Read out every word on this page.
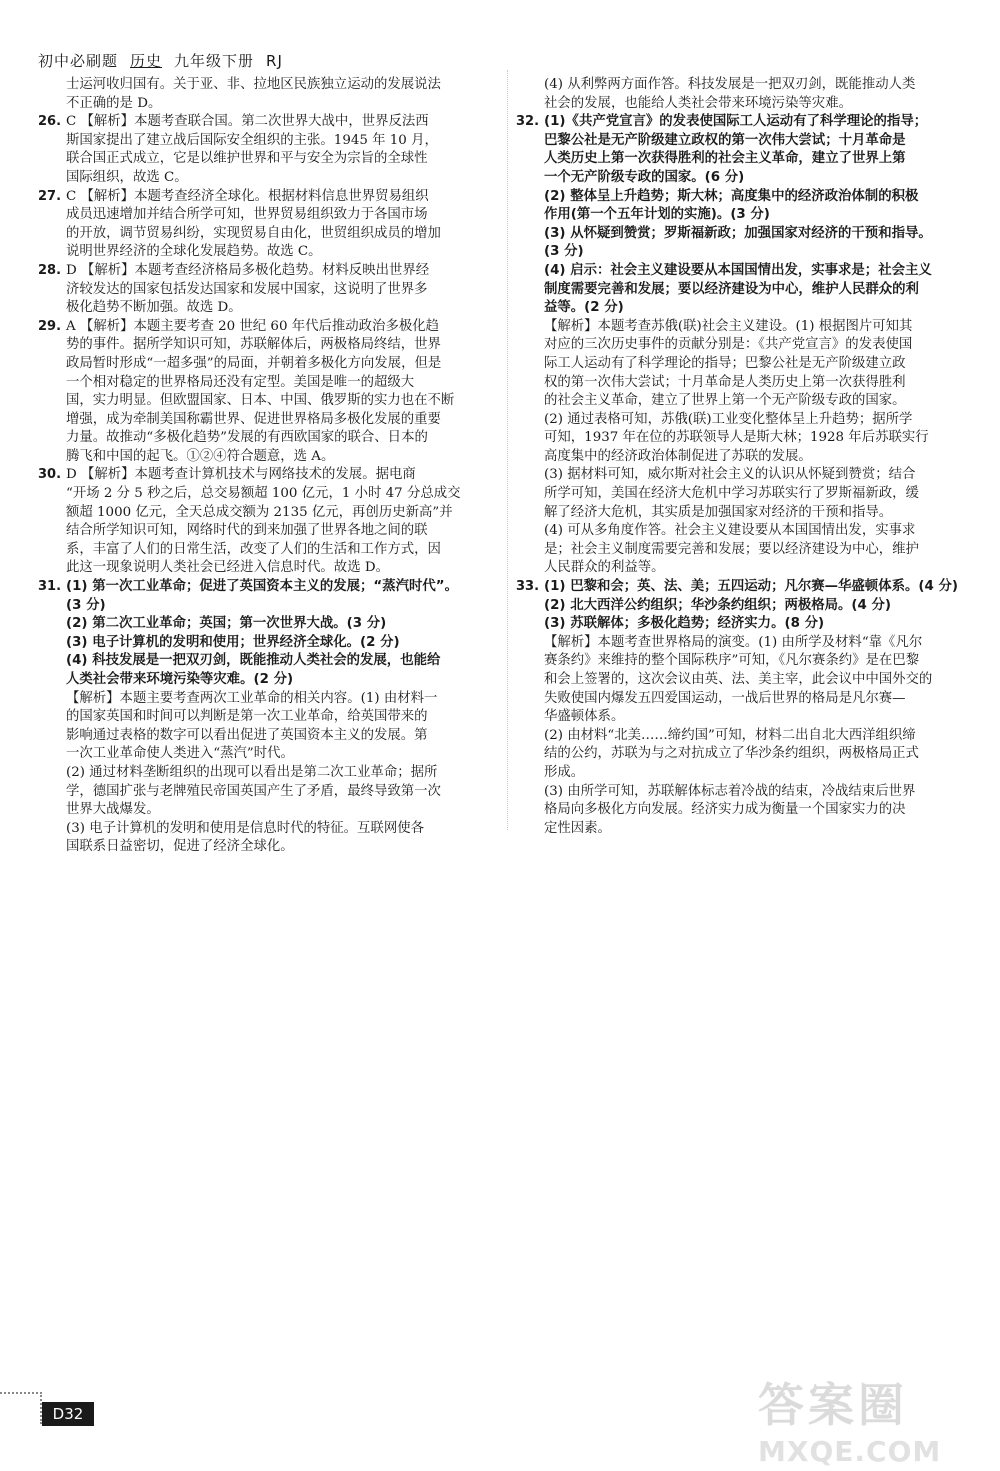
初中必刷题 历史 九年级下册 RJ

士运河收归国有。关于亚、非、拉地区民族独立运动的发展说法

不正确的是 D。

26. C 【解析】本题考查联合国。第二次世界大战中，世界反法西

斯国家提出了建立战后国际安全组织的主张。1945 年 10 月，

联合国正式成立，它是以维护世界和平与安全为宗旨的全球性

国际组织，故选 C。

27. C 【解析】本题考查经济全球化。根据材料信息世界贸易组织

成员迅速增加并结合所学可知，世界贸易组织致力于各国市场

的开放，调节贸易纠纷，实现贸易自由化，世贸组织成员的增加

说明世界经济的全球化发展趋势。故选 C。

28. D 【解析】本题考查经济格局多极化趋势。材料反映出世界经

济较发达的国家包括发达国家和发展中国家，这说明了世界多

极化趋势不断加强。故选 D。

29. A 【解析】本题主要考查 20 世纪 60 年代后推动政治多极化趋

势的事件。据所学知识可知，苏联解体后，两极格局终结，世界

政局暂时形成“一超多强”的局面，并朝着多极化方向发展，但是

一个相对稳定的世界格局还没有定型。美国是唯一的超级大

国，实力明显。但欧盟国家、日本、中国、俄罗斯的实力也在不断

增强，成为牵制美国称霸世界、促进世界格局多极化发展的重要

力量。故推动“多极化趋势”发展的有西欧国家的联合、日本的

腾飞和中国的起飞。①②④符合题意，选 A。

30. D 【解析】本题考查计算机技术与网络技术的发展。据电商

“开场 2 分 5 秒之后，总交易额超 100 亿元，1 小时 47 分总成交

额超 1000 亿元，全天总成交额为 2135 亿元，再创历史新高”并

结合所学知识可知，网络时代的到来加强了世界各地之间的联

系，丰富了人们的日常生活，改变了人们的生活和工作方式，因

此这一现象说明人类社会已经进入信息时代。故选 D。

31. (1) 第一次工业革命；促进了英国资本主义的发展；“蒸汽时代”。

(3 分)

(2) 第二次工业革命；英国；第一次世界大战。(3 分)

(3) 电子计算机的发明和使用；世界经济全球化。(2 分)

(4) 科技发展是一把双刃剑，既能推动人类社会的发展，也能给

人类社会带来环境污染等灾难。(2 分)

【解析】本题主要考查两次工业革命的相关内容。(1) 由材料一

的国家英国和时间可以判断是第一次工业革命，给英国带来的

影响通过表格的数字可以看出促进了英国资本主义的发展。第

一次工业革命使人类进入“蒸汽”时代。

(2) 通过材料垄断组织的出现可以看出是第二次工业革命；据所

学，德国扩张与老牌殖民帝国英国产生了矛盾，最终导致第一次

世界大战爆发。

(3) 电子计算机的发明和使用是信息时代的特征。互联网使各

国联系日益密切，促进了经济全球化。

(4) 从利弊两方面作答。科技发展是一把双刃剑，既能推动人类

社会的发展，也能给人类社会带来环境污染等灾难。

32. (1)《共产党宣言》的发表使国际工人运动有了科学理论的指导；

巴黎公社是无产阶级建立政权的第一次伟大尝试；十月革命是

人类历史上第一次获得胜利的社会主义革命，建立了世界上第

一个无产阶级专政的国家。(6 分)

(2) 整体呈上升趋势；斯大林；高度集中的经济政治体制的积极

作用(第一个五年计划的实施)。(3 分)

(3) 从怀疑到赞赏；罗斯福新政；加强国家对经济的干预和指导。

(3 分)

(4) 启示：社会主义建设要从本国国情出发，实事求是；社会主义

制度需要完善和发展；要以经济建设为中心，维护人民群众的利

益等。(2 分)

【解析】本题考查苏俄(联)社会主义建设。(1) 根据图片可知其

对应的三次历史事件的贡献分别是：《共产党宣言》的发表使国

际工人运动有了科学理论的指导；巴黎公社是无产阶级建立政

权的第一次伟大尝试；十月革命是人类历史上第一次获得胜利

的社会主义革命，建立了世界上第一个无产阶级专政的国家。

(2) 通过表格可知，苏俄(联)工业变化整体呈上升趋势；据所学

可知，1937 年在位的苏联领导人是斯大林；1928 年后苏联实行

高度集中的经济政治体制促进了苏联的发展。

(3) 据材料可知，威尔斯对社会主义的认识从怀疑到赞赏；结合

所学可知，美国在经济大危机中学习苏联实行了罗斯福新政，缓

解了经济大危机，其实质是加强国家对经济的干预和指导。

(4) 可从多角度作答。社会主义建设要从本国国情出发，实事求

是；社会主义制度需要完善和发展；要以经济建设为中心，维护

人民群众的利益等。

33. (1) 巴黎和会；英、法、美；五四运动；凡尔赛—华盛顿体系。(4 分)

(2) 北大西洋公约组织；华沙条约组织；两极格局。(4 分)

(3) 苏联解体；多极化趋势；经济实力。(8 分)

【解析】本题考查世界格局的演变。(1) 由所学及材料“靠《凡尔

赛条约》来维持的整个国际秩序”可知，《凡尔赛条约》是在巴黎

和会上签署的，这次会议由英、法、美主宰，此会议中中国外交的

失败使国内爆发五四爱国运动，一战后世界的格局是凡尔赛—

华盛顿体系。

(2) 由材料“北美……缔约国”可知，材料二出自北大西洋组织缔

结的公约，苏联为与之对抗成立了华沙条约组织，两极格局正式

形成。

(3) 由所学可知，苏联解体标志着冷战的结束，冷战结束后世界

格局向多极化方向发展。经济实力成为衡量一个国家实力的决

定性因素。

D32	答案圈
MXQE.COM
